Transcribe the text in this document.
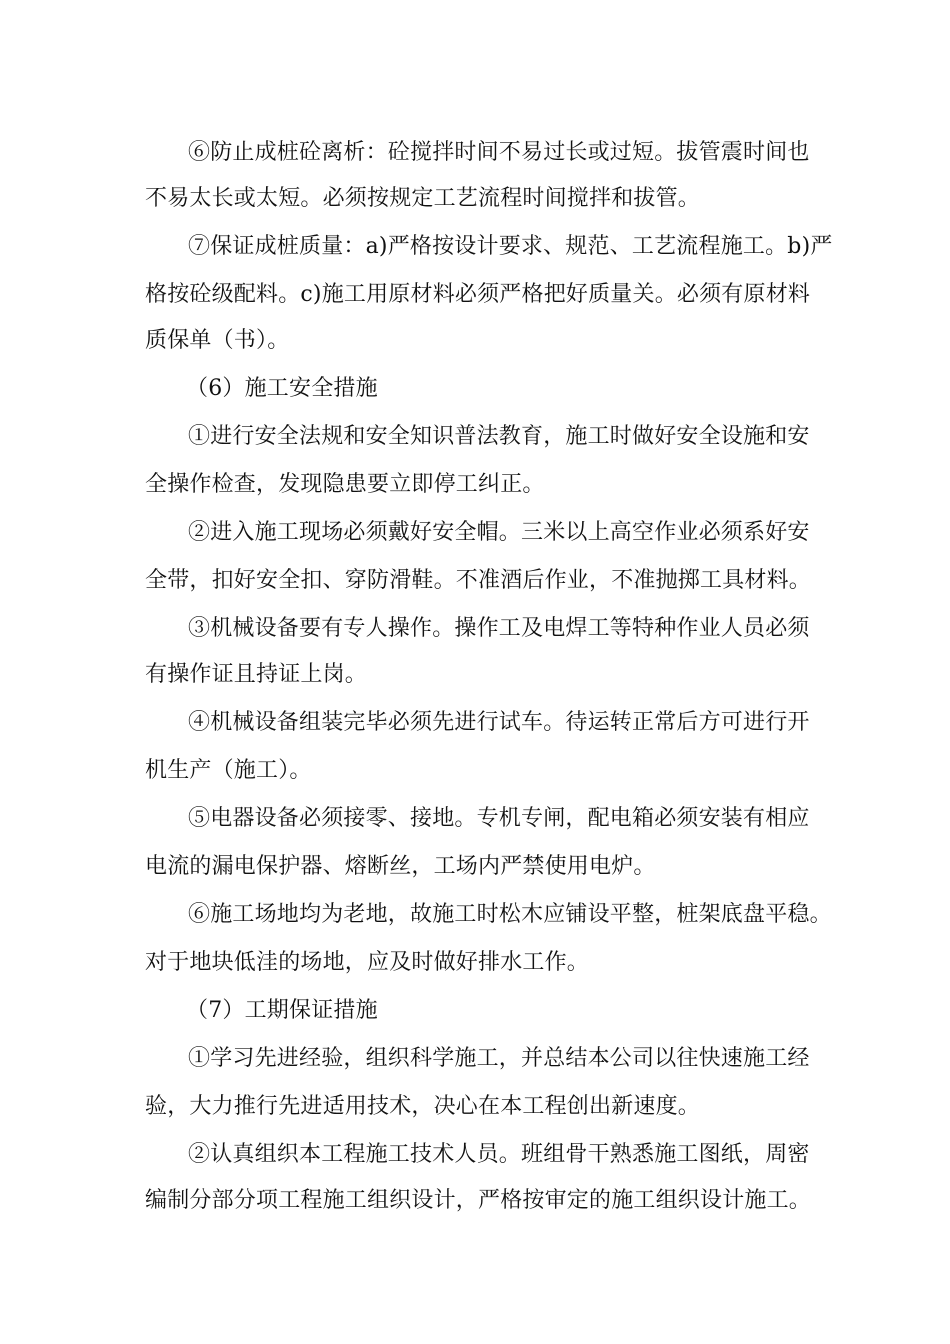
⑥防止成桩砼离析：砼搅拌时间不易过长或过短。拔管震时间也
不易太长或太短。必须按规定工艺流程时间搅拌和拔管。
⑦保证成桩质量：a)严格按设计要求、规范、工艺流程施工。b)严
格按砼级配料。c)施工用原材料必须严格把好质量关。必须有原材料
质保单（书）。
（6）施工安全措施
①进行安全法规和安全知识普法教育，施工时做好安全设施和安
全操作检查，发现隐患要立即停工纠正。
②进入施工现场必须戴好安全帽。三米以上高空作业必须系好安
全带，扣好安全扣、穿防滑鞋。不准酒后作业，不准抛掷工具材料。
③机械设备要有专人操作。操作工及电焊工等特种作业人员必须
有操作证且持证上岗。
④机械设备组装完毕必须先进行试车。待运转正常后方可进行开
机生产（施工）。
⑤电器设备必须接零、接地。专机专闸，配电箱必须安装有相应
电流的漏电保护器、熔断丝，工场内严禁使用电炉。
⑥施工场地均为老地，故施工时松木应铺设平整，桩架底盘平稳。
对于地块低洼的场地，应及时做好排水工作。
（7）工期保证措施
①学习先进经验，组织科学施工，并总结本公司以往快速施工经
验，大力推行先进适用技术，决心在本工程创出新速度。
②认真组织本工程施工技术人员。班组骨干熟悉施工图纸，周密
编制分部分项工程施工组织设计，严格按审定的施工组织设计施工。
